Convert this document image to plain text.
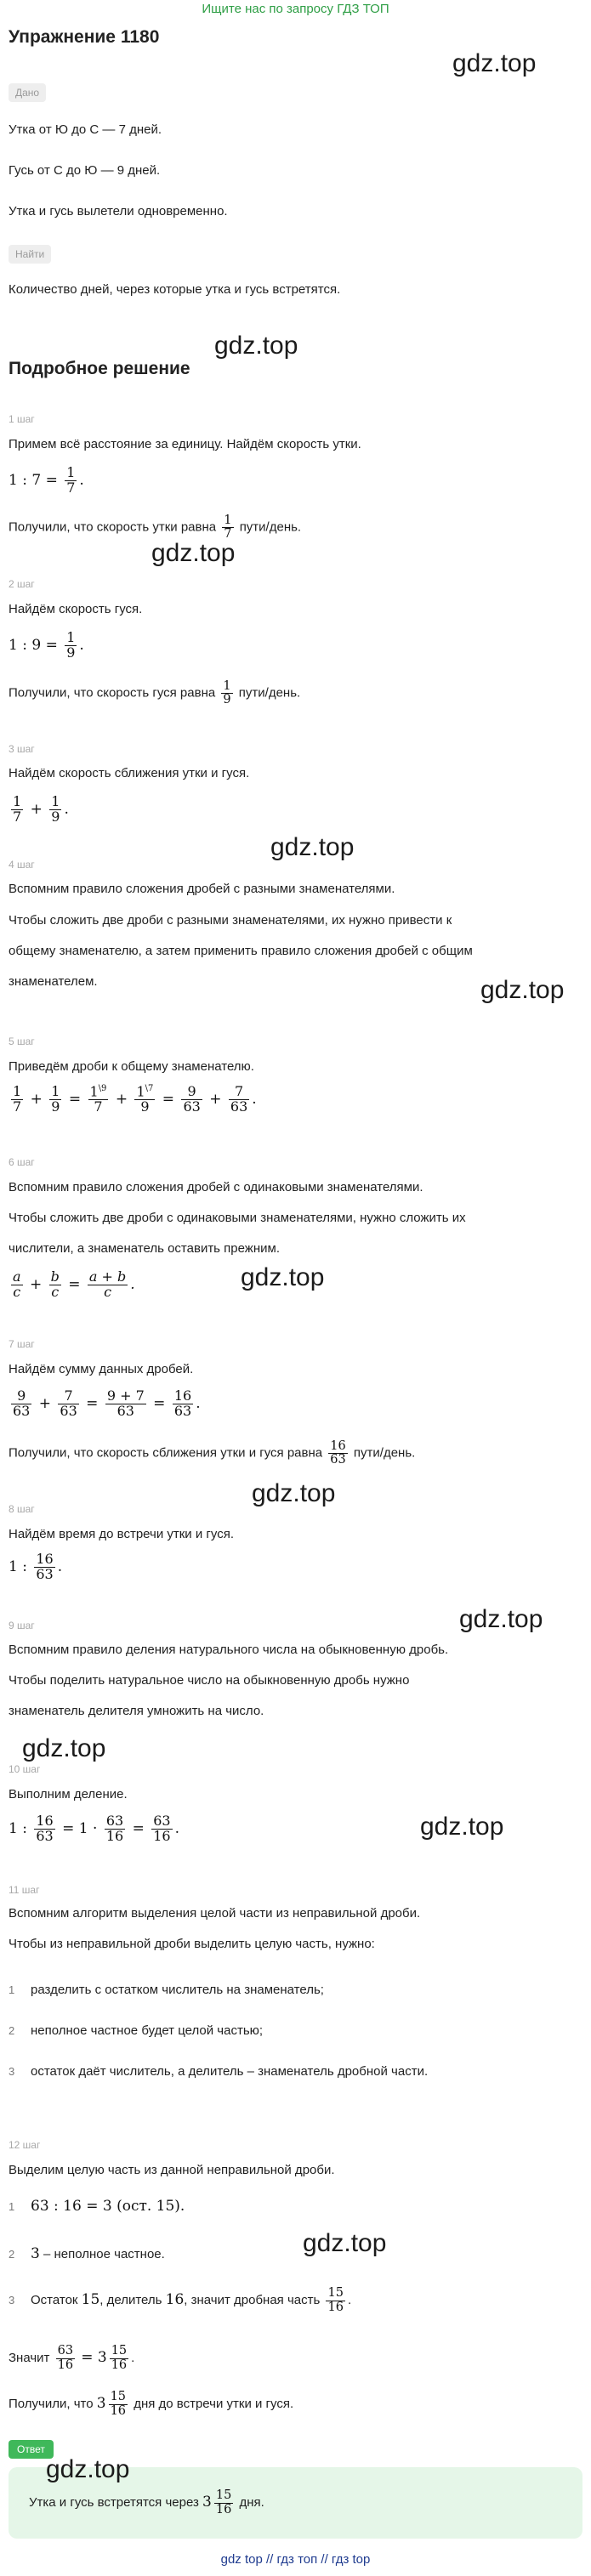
Ищите нас по запросу ГДЗ ТОП
Упражнение 1180
Дано
Утка от Ю до С — 7 дней.
Гусь от С до Ю — 9 дней.
Утка и гусь вылетели одновременно.
Найти
Количество дней, через которые утка и гусь встретятся.
Подробное решение
1 шаг
Примем всё расстояние за единицу. Найдём скорость утки.
1 : $7 = \frac{1}{7}$ .
Получили, что скорость утки равна $\frac{1}{7}$ пути/день.
2 шаг
Найдём скорость гуся.
1 : $9 = \frac{1}{9}$ .
Получили, что скорость гуся равна $\frac{1}{9}$ пути/день.
3 шаг
Найдём скорость сближения утки и гуся.
$\frac{1}{7} + \frac{1}{9}$ .
4 шаг
Вспомним правило сложения дробей с разными знаменателями.
Чтобы сложить две дроби с разными знаменателями, их нужно привести к
общему знаменателю, а затем применить правило сложения дробей с общим
знаменателем.
5 шаг
Приведём дроби к общему знаменателю.
$\frac{1}{7} + \frac{1}{9} = \frac{1^{\backslash 9}}{7} + \frac{1^{\backslash 7}}{9} = \frac{9}{63} + \frac{7}{63}$ .
6 шаг
Вспомним правило сложения дробей с одинаковыми знаменателями.
Чтобы сложить две дроби с одинаковыми знаменателями, нужно сложить их
числители, а знаменатель оставить прежним.
$\frac{a}{c} + \frac{b}{c} = \frac{a + b}{c}$ .
7 шаг
Найдём сумму данных дробей.
$\frac{9}{63} + \frac{7}{63} = \frac{9 + 7}{63} = \frac{16}{63}$ .
Получили, что скорость сближения утки и гуся равна $\frac{16}{63}$ пути/день.
8 шаг
Найдём время до встречи утки и гуся.
1 : $\frac{16}{63}$ .
9 шаг
Вспомним правило деления натурального числа на обыкновенную дробь.
Чтобы поделить натуральное число на обыкновенную дробь нужно
знаменатель делителя умножить на число.
10 шаг
Выполним деление.
1 : $\frac{16}{63} = 1 \cdot \frac{63}{16} = \frac{63}{16}$ .
11 шаг
Вспомним алгоритм выделения целой части из неправильной дроби.
Чтобы из неправильной дроби выделить целую часть, нужно:
1 разделить с остатком числитель на знаменатель;
2 неполное частное будет целой частью;
3 остаток даёт числитель, а делитель – знаменатель дробной части.
12 шаг
Выделим целую часть из данной неправильной дроби.
1 63 : 16 = 3 (ост. 15).
2 3 – неполное частное.
3 Остаток 15, делитель 16, значит дробная часть $\frac{15}{16}$ .
Значит $\frac{63}{16} = 3 \frac{15}{16}$ .
Получили, что $3 \frac{15}{16}$ дня до встречи утки и гуся.
Ответ
Утка и гусь встретятся через $3 \frac{15}{16}$ дня.
gdz top // гдз топ // гдз top
gdz.top
gdz.top
gdz.top
gdz.top
gdz.top
gdz.top
gdz.top
gdz.top
gdz.top
gdz.top
gdz.top
gdz.top
